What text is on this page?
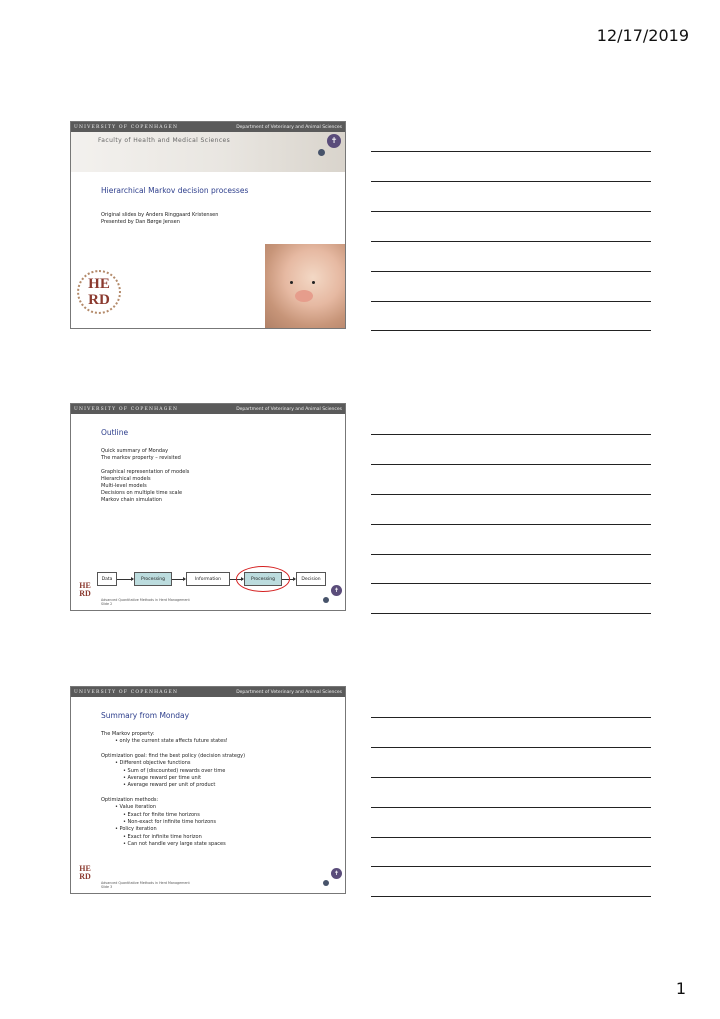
12/17/2019
UNIVERSITY OF COPENHAGEN	Department of Veterinary and Animal Sciences
Faculty of Health and Medical Sciences	✝
Hierarchical Markov decision processes
Original slides by Anders Ringgaard Kristensen
Presented by Dan Børge Jensen
HE
RD
UNIVERSITY OF COPENHAGEN	Department of Veterinary and Animal Sciences
Outline
Quick summary of Monday
The markov property – revisited
Graphical representation of models
Hierarchical models
Multi-level models
Decisions on multiple time scale
Markov chain simulation
Data	Processing	Information	Processing	Decision
HE
RD	✝
Advanced Quantitative Methods in Herd Management
Slide 2
UNIVERSITY OF COPENHAGEN	Department of Veterinary and Animal Sciences
Summary from Monday
The Markov property:
• only the current state affects future states!
Optimization goal: find the best policy (decision strategy)
• Different objective functions
• Sum of (discounted) rewards over time
• Average reward per time unit
• Average reward per unit of product
Optimization methods:
• Value iteration
• Exact for finite time horizons
• Non-exact for infinite time horizons
• Policy iteration
• Exact for infinite time horizon
• Can not handle very large state spaces
HE
RD	✝
Advanced Quantitative Methods in Herd Management
Slide 3
1
